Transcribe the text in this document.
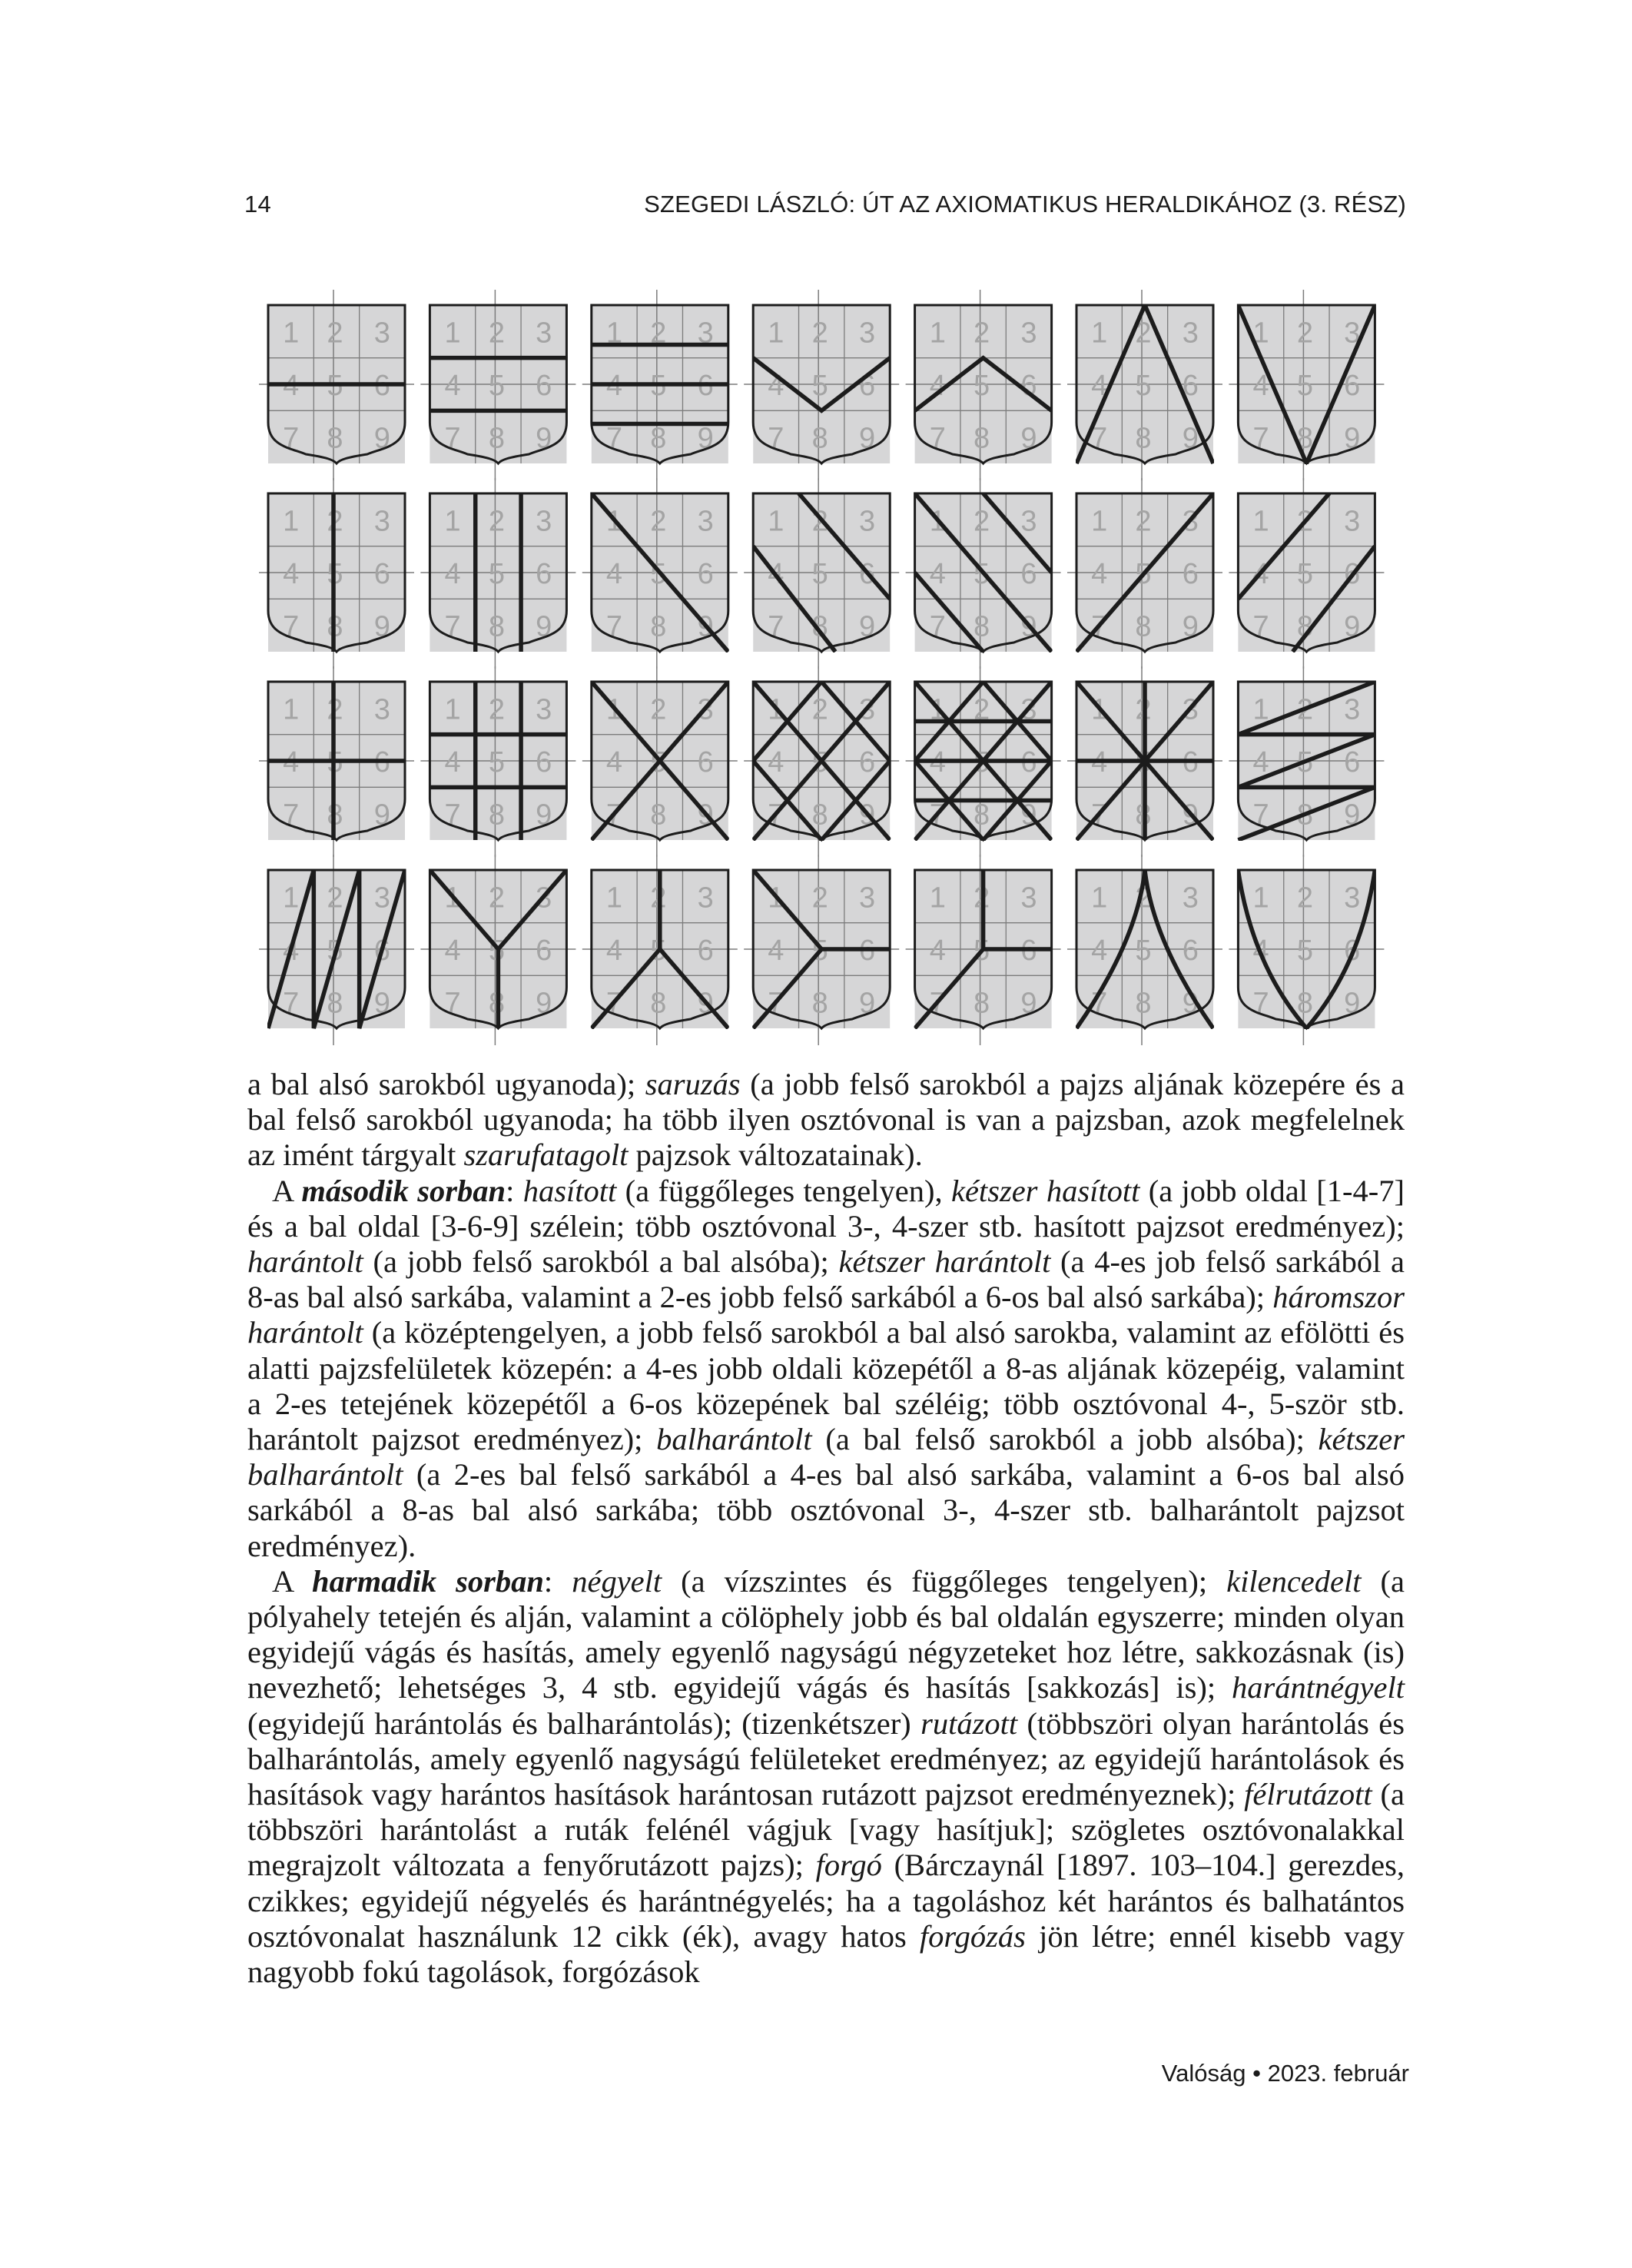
14	SZEGEDI LÁSZLÓ: ÚT AZ AXIOMATIKUS HERALDIKÁHOZ (3. RÉSZ)
1 2 3
4 5 6
7 8 9
1 2 3
4 5 6
7 8 9
1 2 3
4 5 6
7 8 9
1 2 3
4 5 6
7 8 9
1 2 3
4 5 6
7 8 9
1 2 3
4 5 6
7 8 9
1 2 3
4 5 6
7 8 9
1 2 3
4 5 6
7 8 9
1 2 3
4 5 6
7 8 9
1 2 3
4 5 6
7 8 9
1 2 3
4 5 6
7 8 9
1 2 3
4 5 6
7 8 9
1 2 3
4 5 6
7 8 9
1 2 3
4 5 6
7 8 9
1 2 3
4 5 6
7 8 9
1 2 3
4 5 6
7 8 9
1 2 3
4 5 6
7 8 9
1 2 3
4 5 6
7 8 9
1 2 3
4 5 6
7 8 9
1 2 3
4 5 6
7 8 9
1 2 3
4 5 6
7 8 9
1 2 3
4 5 6
7 8 9
1 2 3
4 5 6
7 8 9
1 2 3
4 5 6
7 8 9
1 2 3
4 5 6
7 8 9
1 2 3
4 5 6
7 8 9
1 2 3
4 5 6
7 8 9
1 2 3
4 5 6
7 8 9

a bal alsó sarokból ugyanoda); saruzás (a jobb felső sarokból a pajzs aljának közepére és a bal felső sarokból ugyanoda; ha több ilyen osztóvonal is van a pajzsban, azok megfelelnek az imént tárgyalt szarufatagolt pajzsok változatainak).

A második sorban: hasított (a függőleges tengelyen), kétszer hasított (a jobb oldal [1-4-7] és a bal oldal [3-6-9] szélein; több osztóvonal 3-, 4-szer stb. hasított pajzsot eredményez); harántolt (a jobb felső sarokból a bal alsóba); kétszer harántolt (a 4-es job felső sarkából a 8-as bal alsó sarkába, valamint a 2-es jobb felső sarkából a 6-os bal alsó sarkába); háromszor harántolt (a középtengelyen, a jobb felső sarokból a bal alsó sarokba, valamint az efölötti és alatti pajzsfelületek közepén: a 4-es jobb oldali közepétől a 8-as aljának közepéig, valamint a 2-es tetejének közepétől a 6-os közepének bal széléig; több osztóvonal 4-, 5-ször stb. harántolt pajzsot eredményez); balharántolt (a bal felső sarokból a jobb alsóba); kétszer balharántolt (a 2-es bal felső sarkából a 4-es bal alsó sarkába, valamint a 6-os bal alsó sarkából a 8-as bal alsó sarkába; több osztóvonal 3-, 4-szer stb. balharántolt pajzsot eredményez).

A harmadik sorban: négyelt (a vízszintes és függőleges tengelyen); kilencedelt (a pólyahely tetején és alján, valamint a cölöphely jobb és bal oldalán egyszerre; minden olyan egyidejű vágás és hasítás, amely egyenlő nagyságú négyzeteket hoz létre, sakkozásnak (is) nevezhető; lehetséges 3, 4 stb. egyidejű vágás és hasítás [sakkozás] is); harántnégyelt (egyidejű harántolás és balharántolás); (tizenkétszer) rutázott (többszöri olyan harántolás és balharántolás, amely egyenlő nagyságú felületeket eredményez; az egyidejű harántolások és hasítások vagy harántos hasítások harántosan rutázott pajzsot eredményeznek); félrutázott (a többszöri harántolást a ruták felénél vágjuk [vagy hasítjuk]; szögletes osztóvonalakkal megrajzolt változata a fenyőrutázott pajzs); forgó (Bárczaynál [1897. 103–104.] gerezdes, czikkes; egyidejű négyelés és harántnégyelés; ha a tagoláshoz két harántos és balhatántos osztóvonalat használunk 12 cikk (ék), avagy hatos forgózás jön létre; ennél kisebb vagy nagyobb fokú tagolások, forgózások

Valóság • 2023. február
